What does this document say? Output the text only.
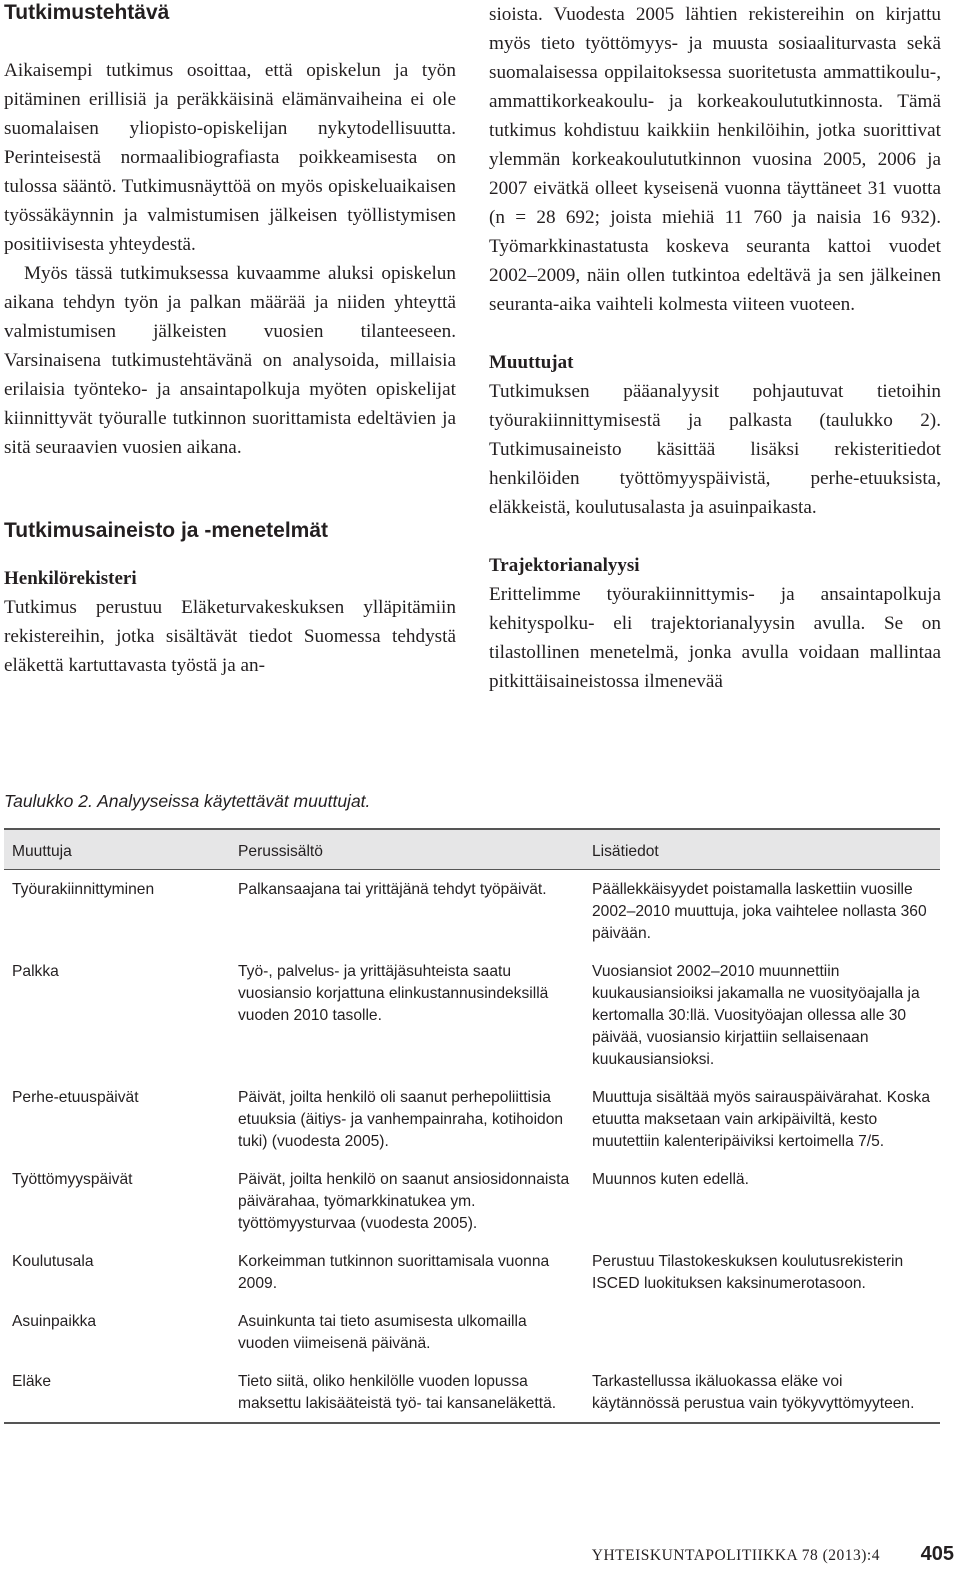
Tutkimustehtävä

Aikaisempi tutkimus osoittaa, että opiskelun ja työn pitäminen erillisiä ja peräkkäisinä elämänvaiheina ei ole suomalaisen yliopisto-opiskelijan nykytodellisuutta. Perinteisestä normaalibiografiasta poikkeamisesta on tulossa sääntö. Tutkimusnäyttöä on myös opiskeluaikaisen työssäkäynnin ja valmistumisen jälkeisen työllistymisen positiivisesta yhteydestä.

Myös tässä tutkimuksessa kuvaamme aluksi opiskelun aikana tehdyn työn ja palkan määrää ja niiden yhteyttä valmistumisen jälkeisten vuosien tilanteeseen. Varsinaisena tutkimustehtävänä on analysoida, millaisia erilaisia työnteko- ja ansaintapolkuja myöten opiskelijat kiinnittyvät työuralle tutkinnon suorittamista edeltävien ja sitä seuraavien vuosien aikana.

Tutkimusaineisto ja -menetelmät
Henkilörekisteri

Tutkimus perustuu Eläketurvakeskuksen ylläpitämiin rekistereihin, jotka sisältävät tiedot Suomessa tehdystä eläkettä kartuttavasta työstä ja an-

sioista. Vuodesta 2005 lähtien rekistereihin on kirjattu myös tieto työttömyys- ja muusta sosiaaliturvasta sekä suomalaisessa oppilaitoksessa suoritetusta ammattikoulu-, ammattikorkeakoulu- ja korkeakoulututkinnosta. Tämä tutkimus kohdistuu kaikkiin henkilöihin, jotka suorittivat ylemmän korkeakoulututkinnon vuosina 2005, 2006 ja 2007 eivätkä olleet kyseisenä vuonna täyttäneet 31 vuotta (n = 28 692; joista miehiä 11 760 ja naisia 16 932). Työmarkkinastatusta koskeva seuranta kattoi vuodet 2002–2009, näin ollen tutkintoa edeltävä ja sen jälkeinen seuranta-aika vaihteli kolmesta viiteen vuoteen.

Muuttujat

Tutkimuksen pääanalyysit pohjautuvat tietoihin työurakiinnittymisestä ja palkasta (taulukko 2). Tutkimusaineisto käsittää lisäksi rekisteritiedot henkilöiden työttömyyspäivistä, perhe-etuuksista, eläkkeistä, koulutusalasta ja asuinpaikasta.

Trajektorianalyysi

Erittelimme työurakiinnittymis- ja ansaintapolkuja kehityspolku- eli trajektorianalyysin avulla. Se on tilastollinen menetelmä, jonka avulla voidaan mallintaa pitkittäisaineistossa ilmenevää

Taulukko 2. Analyyseissa käytettävät muuttujat.
Muuttuja	Perussisältö	Lisätiedot
Työurakiinnittyminen	Palkansaajana tai yrittäjänä tehdyt työpäivät.	Päällekkäisyydet poistamalla laskettiin vuosille 2002–2010 muuttuja, joka vaihtelee nollasta 360 päivään.
Palkka	Työ-, palvelus- ja yrittäjäsuhteista saatu vuosiansio korjattuna elinkustannusindeksillä vuoden 2010 tasolle.	Vuosiansiot 2002–2010 muunnettiin kuukausiansioiksi jakamalla ne vuosityöajalla ja kertomalla 30:llä. Vuosityöajan ollessa alle 30 päivää, vuosiansio kirjattiin sellaisenaan kuukausiansioksi.
Perhe-etuuspäivät	Päivät, joilta henkilö oli saanut perhepoliittisia etuuksia (äitiys- ja vanhempainraha, kotihoidon tuki) (vuodesta 2005).	Muuttuja sisältää myös sairauspäivärahat. Koska etuutta maksetaan vain arkipäiviltä, kesto muutettiin kalenteripäiviksi kertoimella 7/5.
Työttömyyspäivät	Päivät, joilta henkilö on saanut ansiosidonnaista päivärahaa, työmarkkinatukea ym. työttömyysturvaa (vuodesta 2005).	Muunnos kuten edellä.
Koulutusala	Korkeimman tutkinnon suorittamisala vuonna 2009.	Perustuu Tilastokeskuksen koulutusrekisterin ISCED luokituksen kaksinumerotasoon.
Asuinpaikka	Asuinkunta tai tieto asumisesta ulkomailla vuoden viimeisenä päivänä.	
Eläke	Tieto siitä, oliko henkilölle vuoden lopussa maksettu lakisääteistä työ- tai kansaneläkettä.	Tarkastellussa ikäluokassa eläke voi käytännössä perustua vain työkyvyttömyyteen.
YHTEISKUNTAPOLITIIKKA 78 (2013):4 405
